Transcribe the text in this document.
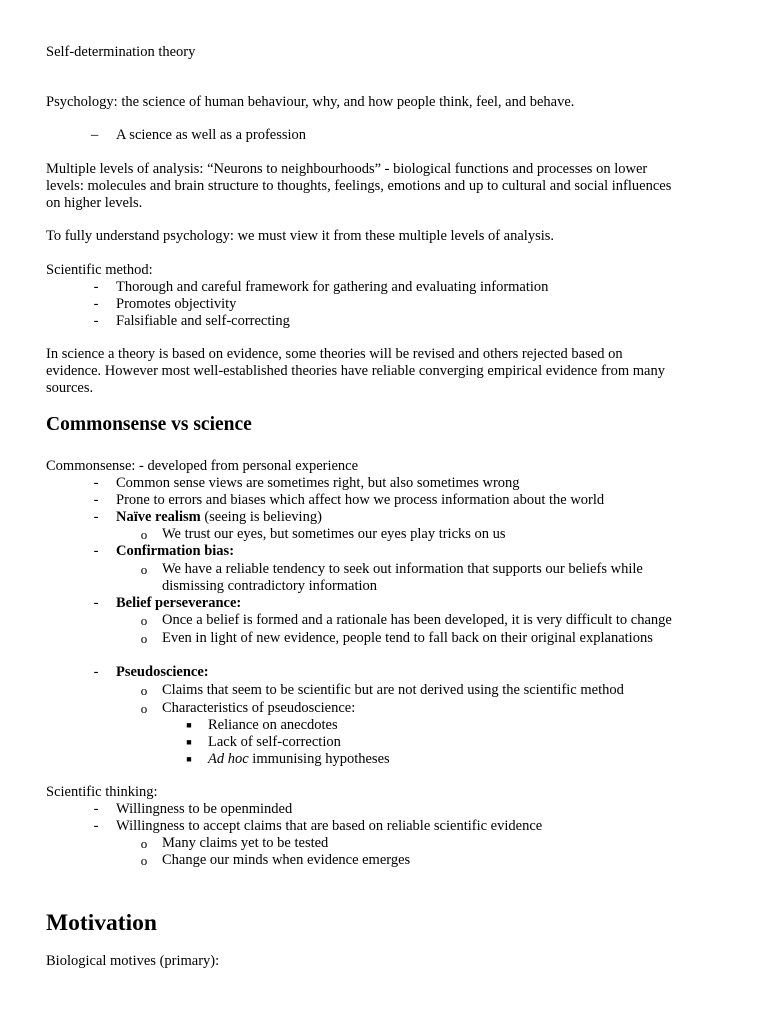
Self-determination theory
Psychology: the science of human behaviour, why, and how people think, feel, and behave.
– A science as well as a profession
Multiple levels of analysis: “Neurons to neighbourhoods” - biological functions and processes on lower
levels: molecules and brain structure to thoughts, feelings, emotions and up to cultural and social influences
on higher levels.
To fully understand psychology: we must view it from these multiple levels of analysis.
Scientific method:
- Thorough and careful framework for gathering and evaluating information
- Promotes objectivity
- Falsifiable and self-correcting
In science a theory is based on evidence, some theories will be revised and others rejected based on
evidence. However most well-established theories have reliable converging empirical evidence from many
sources.
Commonsense vs science
Commonsense: - developed from personal experience
- Common sense views are sometimes right, but also sometimes wrong
- Prone to errors and biases which affect how we process information about the world
- Naïve realism (seeing is believing)
o We trust our eyes, but sometimes our eyes play tricks on us
- Confirmation bias:
o We have a reliable tendency to seek out information that supports our beliefs while
dismissing contradictory information
- Belief perseverance:
o Once a belief is formed and a rationale has been developed, it is very difficult to change
o Even in light of new evidence, people tend to fall back on their original explanations
- Pseudoscience:
o Claims that seem to be scientific but are not derived using the scientific method
o Characteristics of pseudoscience:
■ Reliance on anecdotes
■ Lack of self-correction
■ Ad hoc immunising hypotheses
Scientific thinking:
- Willingness to be openminded
- Willingness to accept claims that are based on reliable scientific evidence
o Many claims yet to be tested
o Change our minds when evidence emerges
Motivation
Biological motives (primary):
